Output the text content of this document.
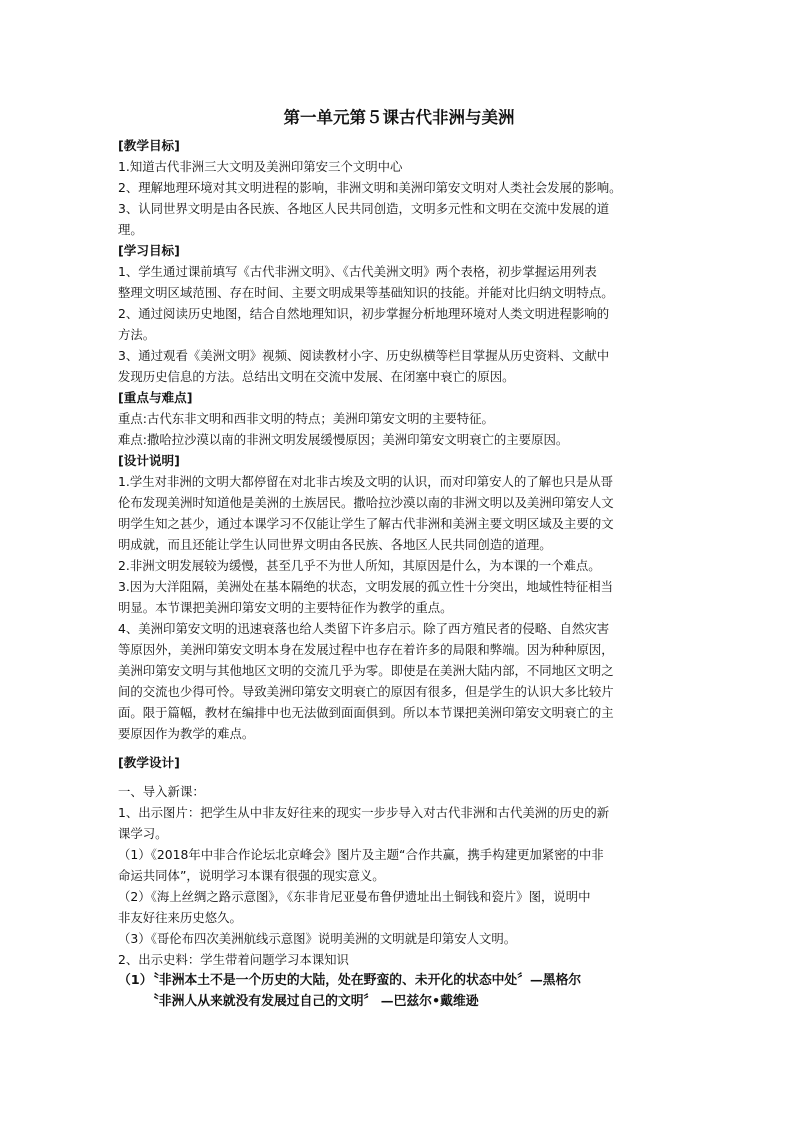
第一单元第５课古代非洲与美洲
[教学目标]
1.知道古代非洲三大文明及美洲印第安三个文明中心
2、理解地理环境对其文明进程的影响，非洲文明和美洲印第安文明对人类社会发展的影响。
3、认同世界文明是由各民族、各地区人民共同创造，文明多元性和文明在交流中发展的道
理。
[学习目标]
1、学生通过课前填写《古代非洲文明》、《古代美洲文明》两个表格，初步掌握运用列表
整理文明区域范围、存在时间、主要文明成果等基础知识的技能。并能对比归纳文明特点。
2、通过阅读历史地图，结合自然地理知识，初步掌握分析地理环境对人类文明进程影响的
方法。
3、通过观看《美洲文明》视频、阅读教材小字、历史纵横等栏目掌握从历史资料、文献中
发现历史信息的方法。总结出文明在交流中发展、在闭塞中衰亡的原因。
[重点与难点]
重点:古代东非文明和西非文明的特点；美洲印第安文明的主要特征。
难点:撒哈拉沙漠以南的非洲文明发展缓慢原因；美洲印第安文明衰亡的主要原因。
[设计说明]
1.学生对非洲的文明大都停留在对北非古埃及文明的认识，而对印第安人的了解也只是从哥
伦布发现美洲时知道他是美洲的土族居民。撒哈拉沙漠以南的非洲文明以及美洲印第安人文
明学生知之甚少，通过本课学习不仅能让学生了解古代非洲和美洲主要文明区域及主要的文
明成就，而且还能让学生认同世界文明由各民族、各地区人民共同创造的道理。
2.非洲文明发展较为缓慢，甚至几乎不为世人所知，其原因是什么，为本课的一个难点。
3.因为大洋阻隔，美洲处在基本隔绝的状态，文明发展的孤立性十分突出，地域性特征相当
明显。本节课把美洲印第安文明的主要特征作为教学的重点。
4、美洲印第安文明的迅速衰落也给人类留下许多启示。除了西方殖民者的侵略、自然灾害
等原因外，美洲印第安文明本身在发展过程中也存在着许多的局限和弊端。因为种种原因，
美洲印第安文明与其他地区文明的交流几乎为零。即使是在美洲大陆内部，不同地区文明之
间的交流也少得可怜。导致美洲印第安文明衰亡的原因有很多，但是学生的认识大多比较片
面。限于篇幅，教材在编排中也无法做到面面俱到。所以本节课把美洲印第安文明衰亡的主
要原因作为教学的难点。
[教学设计]
一、导入新课：
1、出示图片：把学生从中非友好往来的现实一步步导入对古代非洲和古代美洲的历史的新
课学习。
（1）《2018年中非合作论坛北京峰会》图片及主题“合作共赢，携手构建更加紧密的中非
命运共同体”，说明学习本课有很强的现实意义。
（2）《海上丝绸之路示意图》，《东非肯尼亚曼布鲁伊遗址出土铜钱和瓷片》图，说明中
非友好往来历史悠久。
（3）《哥伦布四次美洲航线示意图》说明美洲的文明就是印第安人文明。
2、出示史料：学生带着问题学习本课知识
（1）〝非洲本土不是一个历史的大陆，处在野蛮的、未开化的状态中处〞—黑格尔
〝非洲人从来就没有发展过自己的文明〞 —巴兹尔•戴维逊
